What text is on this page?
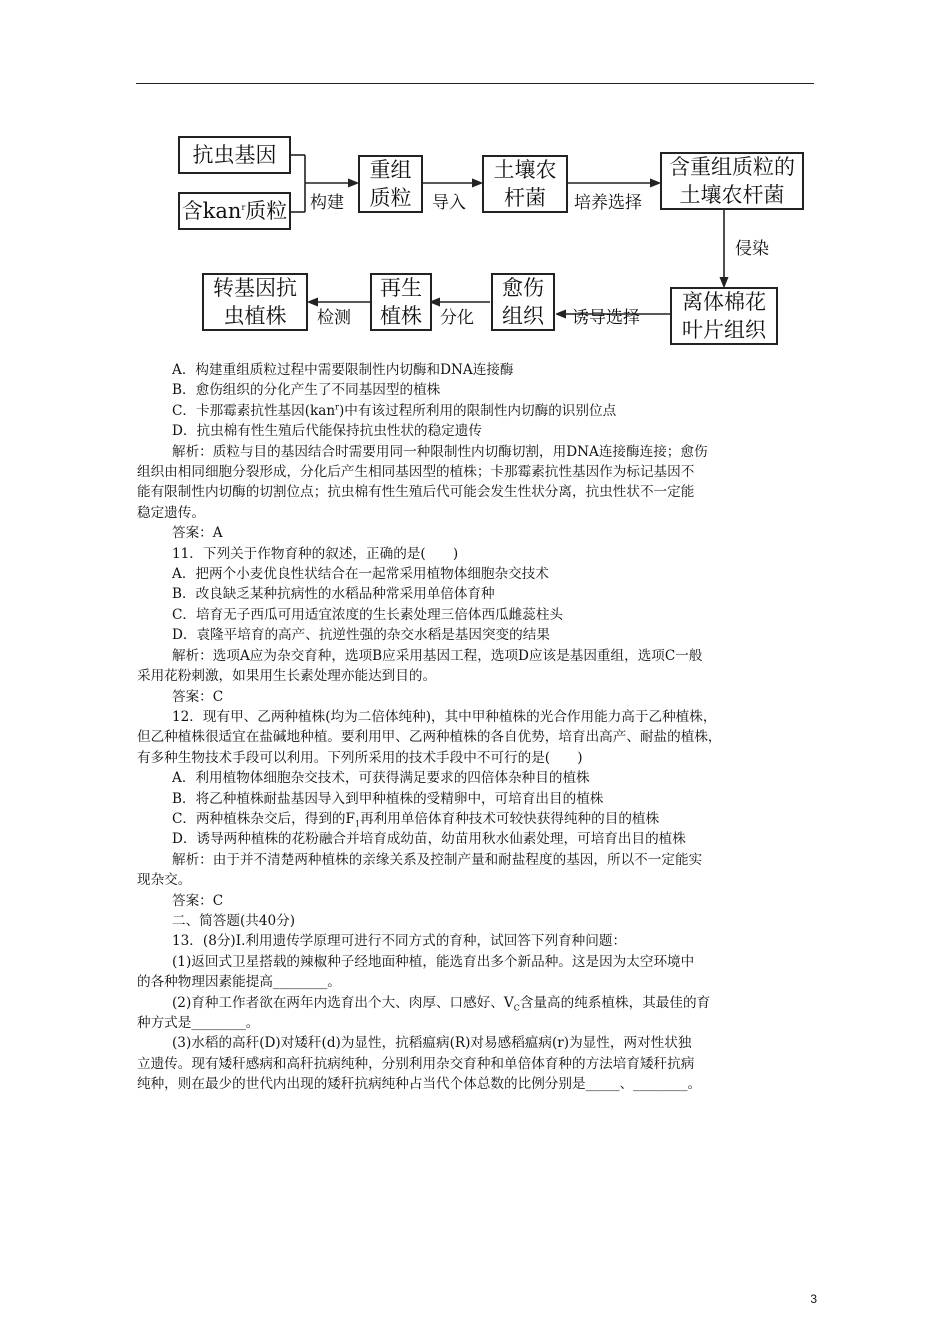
抗虫基因
含kan$^r$质粒 构建
重组
质粒 导入
土壤农
杆菌 培养选择
含重组质粒的
土壤农杆菌
侵染
离体棉花
叶片组织
诱导选择
愈伤
组织
分化
再生
植株
检测
转基因抗
虫植株

A．构建重组质粒过程中需要限制性内切酶和DNA连接酶

B．愈伤组织的分化产生了不同基因型的植株

C．卡那霉素抗性基因(kan$^r$)中有该过程所利用的限制性内切酶的识别位点

D．抗虫棉有性生殖后代能保持抗虫性状的稳定遗传

解析：质粒与目的基因结合时需要用同一种限制性内切酶切割，用DNA连接酶连接；愈伤

组织由相同细胞分裂形成，分化后产生相同基因型的植株；卡那霉素抗性基因作为标记基因不

能有限制性内切酶的切割位点；抗虫棉有性生殖后代可能会发生性状分离，抗虫性状不一定能

稳定遗传。

答案：A

11．下列关于作物育种的叙述，正确的是(　　)

A．把两个小麦优良性状结合在一起常采用植物体细胞杂交技术

B．改良缺乏某种抗病性的水稻品种常采用单倍体育种

C．培育无子西瓜可用适宜浓度的生长素处理三倍体西瓜雌蕊柱头

D．袁隆平培育的高产、抗逆性强的杂交水稻是基因突变的结果

解析：选项A应为杂交育种，选项B应采用基因工程，选项D应该是基因重组，选项C一般

采用花粉刺激，如果用生长素处理亦能达到目的。

答案：C

12．现有甲、乙两种植株(均为二倍体纯种)，其中甲种植株的光合作用能力高于乙种植株，

但乙种植株很适宜在盐碱地种植。要利用甲、乙两种植株的各自优势，培育出高产、耐盐的植株，

有多种生物技术手段可以利用。下列所采用的技术手段中不可行的是(　　)

A．利用植物体细胞杂交技术，可获得满足要求的四倍体杂种目的植株

B．将乙种植株耐盐基因导入到甲种植株的受精卵中，可培育出目的植株

C．两种植株杂交后，得到的$F_1$再利用单倍体育种技术可较快获得纯种的目的植株

D．诱导两种植株的花粉融合并培育成幼苗，幼苗用秋水仙素处理，可培育出目的植株

解析：由于并不清楚两种植株的亲缘关系及控制产量和耐盐程度的基因，所以不一定能实

现杂交。

答案：C

二、简答题(共40分)

13．(8分)Ⅰ.利用遗传学原理可进行不同方式的育种，试回答下列育种问题：

(1)返回式卫星搭载的辣椒种子经地面种植，能选育出多个新品种。这是因为太空环境中

的各种物理因素能提高________。

(2)育种工作者欲在两年内选育出个大、肉厚、口感好、$V_C$含量高的纯系植株，其最佳的育

种方式是________。

(3)水稻的高秆(D)对矮秆(d)为显性，抗稻瘟病(R)对易感稻瘟病(r)为显性，两对性状独

立遗传。现有矮秆感病和高秆抗病纯种，分别利用杂交育种和单倍体育种的方法培育矮秆抗病

纯种，则在最少的世代内出现的矮秆抗病纯种占当代个体总数的比例分别是_____、________。

3
